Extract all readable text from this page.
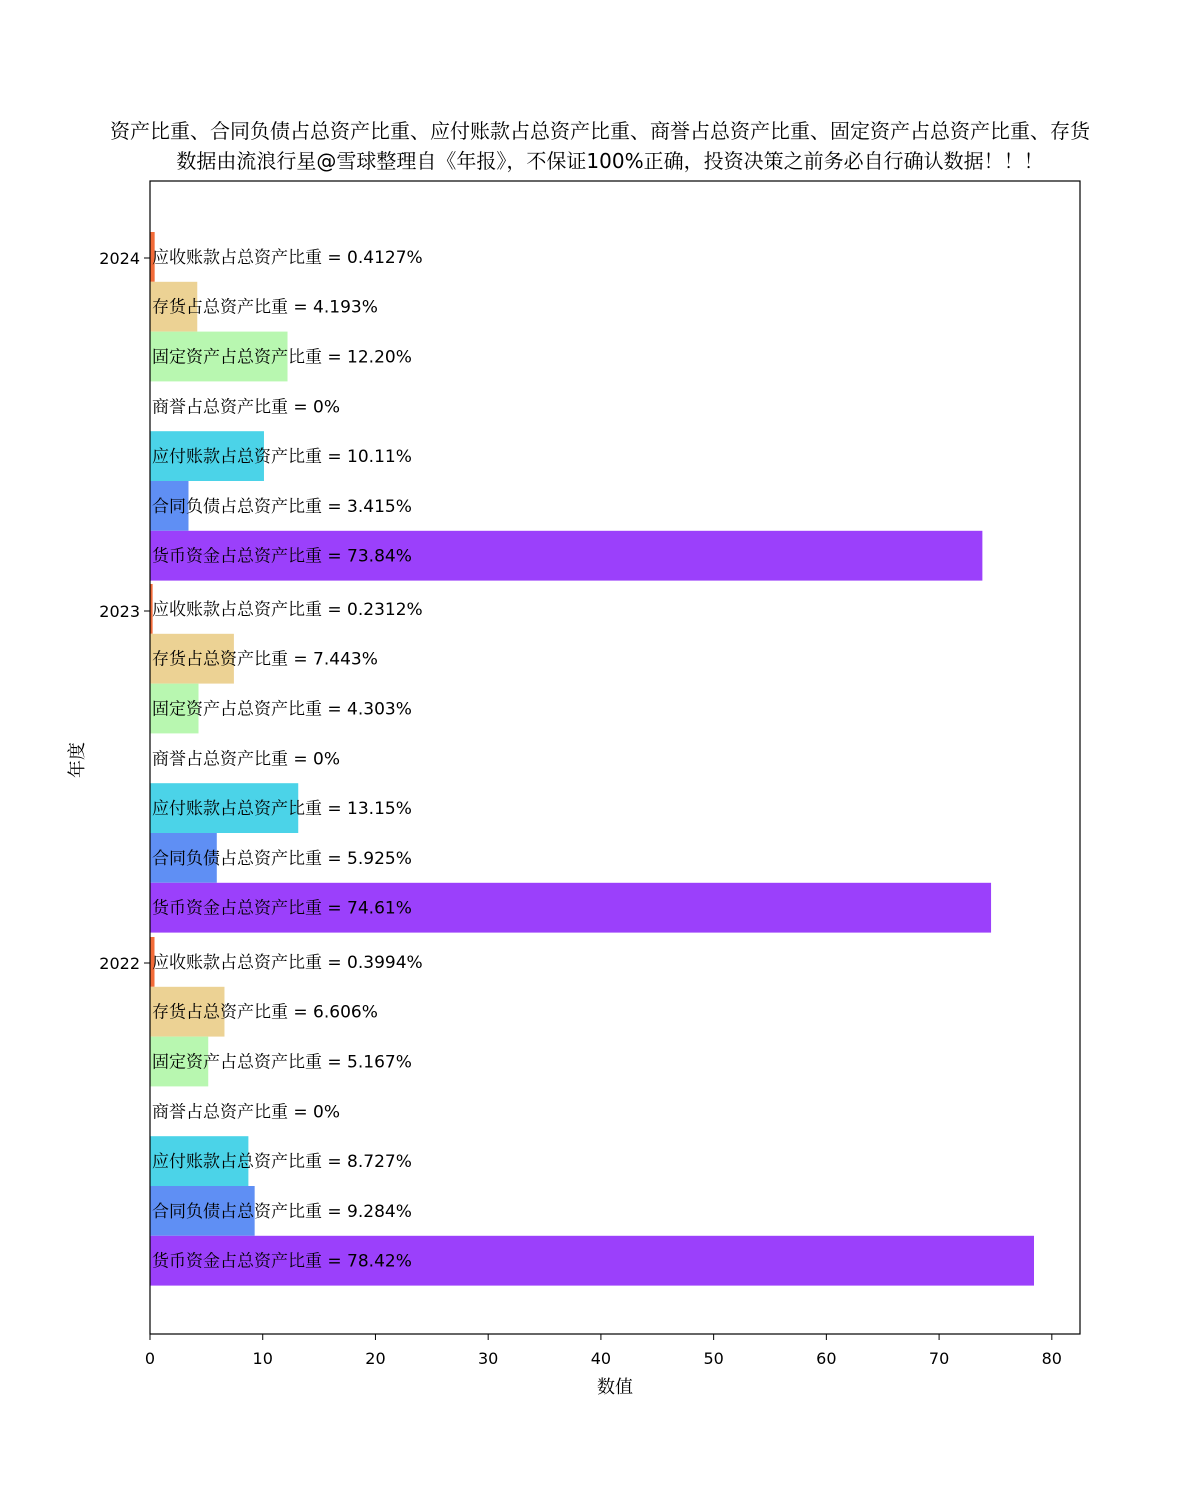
资产比重、合同负债占总资产比重、应付账款占总资产比重、商誉占总资产比重、固定资产占总资产比重、存货
数据由流浪行星@雪球整理自《年报》，不保证100%正确，投资决策之前务必自行确认数据！！！
应收账款占总资产比重 = 0.4127%
存货占总资产比重 = 4.193%
固定资产占总资产比重 = 12.20%
商誉占总资产比重 = 0%
应付账款占总资产比重 = 10.11%
合同负债占总资产比重 = 3.415%
货币资金占总资产比重 = 73.84%
应收账款占总资产比重 = 0.2312%
存货占总资产比重 = 7.443%
固定资产占总资产比重 = 4.303%
商誉占总资产比重 = 0%
应付账款占总资产比重 = 13.15%
合同负债占总资产比重 = 5.925%
货币资金占总资产比重 = 74.61%
应收账款占总资产比重 = 0.3994%
存货占总资产比重 = 6.606%
固定资产占总资产比重 = 5.167%
商誉占总资产比重 = 0%
应付账款占总资产比重 = 8.727%
合同负债占总资产比重 = 9.284%
货币资金占总资产比重 = 78.42%
0	10	20	30	40	50	60	70	80
2024
2023
2022
数值
年度
